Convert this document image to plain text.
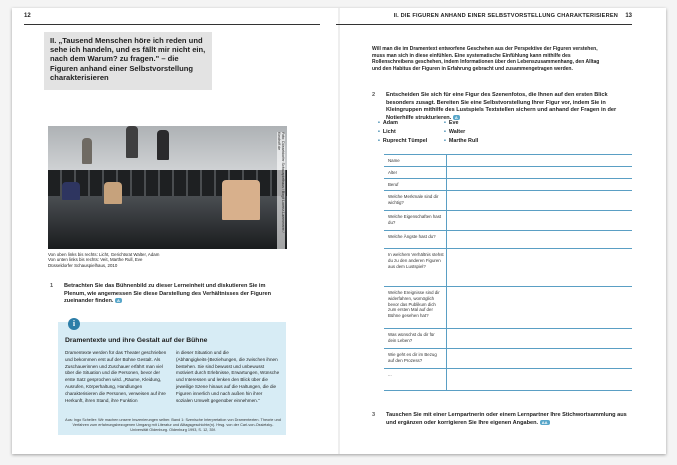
12

II. „Tausend Menschen höre ich reden und sehe ich handeln, und es fällt mir nicht ein, nach dem Warum? zu fragen." – die Figuren anhand einer Selbstvorstellung charakterisieren

Foto: Düsseldorfer Schauspielhaus / Birgit Lorenz-Laemmerer / Kinohoff.de
Von oben links bis rechts: Licht, Gerichtsrat Walter, Adam
Von unten links bis rechts: Veit, Marthe Rull, Eve
Düsseldorfer Schauspielhaus, 2010
1 Betrachten Sie das Bühnenbild zu dieser Lerneinheit und diskutieren Sie im Plenum, wie angemessen Sie diese Darstellung des Verhältnisses der Figuren zueinander finden. A
i
Dramentexte und ihre Gestalt auf der Bühne
Dramentexte werden für das Theater geschrieben und bekommen erst auf der Bühne Gestalt. Als Zuschauerinnen und Zuschauer erfährt man viel über die Situation und die Personen, bevor der erste Satz gesprochen wird. „Räume, Kleidung, Ausrufen, Körperhaltung, Handlungen charakterisieren die Personen, verweisen auf ihre Herkunft, ihren Stand, ihre Funktion
in dieser Situation und die (Abhängigkeits-)Beziehungen, die zwischen ihnen bestehen. Sie sind bewusst und unbewusst motiviert durch Erlebnisse, Erwartungen, Wünsche und Interessen und lenken den Blick über die jeweilige Szene hinaus auf die Haltungen, die die Figuren innerlich und nach außen hin ihrer sozialen Umwelt gegenüber einnehmen."
Aus: Ingo Scheller: Wir machen unsere Inszenierungen selber. Band 1: Szenische Interpretation von Dramentexten. Theorie und Verfahren zum erfahrungsbezogenen Umgang mit Literatur und Alltagsgeschichte(n). Hrsg. von der Carl-von-Ossietzky-Universität Oldenburg. Oldenburg 1993, S. 12, 35f.
II. DIE FIGUREN ANHAND EINER SELBSTVORSTELLUNG CHARAKTERISIEREN 13
Will man die im Dramentext entworfene Geschehen aus der Perspektive der Figuren verstehen, muss man sich in diese einfühlen. Eine systematische Einfühlung kann mithilfe des Rollenschreibens geschehen, indem Informationen über den Lebenszusammenhang, den Alltag und den Habitus der Figuren in Erfahrung gebracht und zusammengetragen werden.
2 Entscheiden Sie sich für eine Figur des Szenenfotos, die Ihnen auf den ersten Blick besonders zusagt. Bereiten Sie eine Selbstvorstellung Ihrer Figur vor, indem Sie in Kleingruppen mithilfe des Lustspiels Textstellen sichern und anhand der Fragen in der Notierhilfe strukturieren. A
• Adam	• Eve
• Licht	• Walter
• Ruprecht Tümpel	• Marthe Rull
Name
Alter
Beruf
Welche Merkmale sind dir wichtig?
Welche Eigenschaften hast du?
Welche Ängste hast du?
In welchem Verhältnis stehst du zu den anderen Figuren aus dem Lustspiel?
Welche Ereignisse sind dir widerfahren, womöglich bevor das Publikum dich zum ersten Mal auf der Bühne gesehen hat?
Was wünschst du dir für dein Leben?
Wie geht es dir im Bezug auf den Prozess?
...
3 Tauschen Sie mit einer Lernpartnerin oder einem Lernpartner Ihre Stichwortsammlung aus und ergänzen oder korrigieren Sie Ihre eigenen Angaben. AA
